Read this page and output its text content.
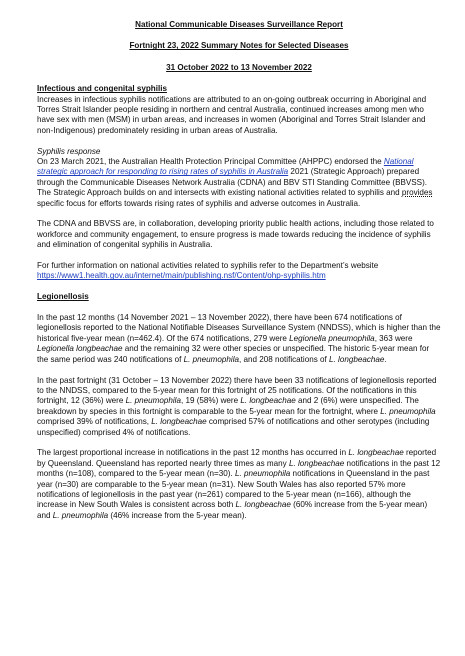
National Communicable Diseases Surveillance Report
Fortnight 23, 2022 Summary Notes for Selected Diseases
31 October 2022 to 13 November 2022
Infectious and congenital syphilis

Increases in infectious syphilis notifications are attributed to an on-going outbreak occurring in Aboriginal and Torres Strait Islander people residing in northern and central Australia, continued increases among men who have sex with men (MSM) in urban areas, and increases in women (Aboriginal and Torres Strait Islander and non-Indigenous) predominately residing in urban areas of Australia.

Syphilis response

On 23 March 2021, the Australian Health Protection Principal Committee (AHPPC) endorsed the National strategic approach for responding to rising rates of syphilis in Australia 2021 (Strategic Approach) prepared through the Communicable Diseases Network Australia (CDNA) and BBV STI Standing Committee (BBVSS). The Strategic Approach builds on and intersects with existing national activities related to syphilis and provides specific focus for efforts towards rising rates of syphilis and adverse outcomes in Australia.

The CDNA and BBVSS are, in collaboration, developing priority public health actions, including those related to workforce and community engagement, to ensure progress is made towards reducing the incidence of syphilis and elimination of congenital syphilis in Australia.

For further information on national activities related to syphilis refer to the Department’s website https://www1.health.gov.au/internet/main/publishing.nsf/Content/ohp-syphilis.htm

Legionellosis

In the past 12 months (14 November 2021 – 13 November 2022), there have been 674 notifications of legionellosis reported to the National Notifiable Diseases Surveillance System (NNDSS), which is higher than the historical five-year mean (n=462.4). Of the 674 notifications, 279 were Legionella pneumophila, 363 were Legionella longbeachae and the remaining 32 were other species or unspecified. The historic 5-year mean for the same period was 240 notifications of L. pneumophila, and 208 notifications of L. longbeachae.

In the past fortnight (31 October – 13 November 2022) there have been 33 notifications of legionellosis reported to the NNDSS, compared to the 5-year mean for this fortnight of 25 notifications. Of the notifications in this fortnight, 12 (36%) were L. pneumophila, 19 (58%) were L. longbeachae and 2 (6%) were unspecified. The breakdown by species in this fortnight is comparable to the 5-year mean for the fortnight, where L. pneumophila comprised 39% of notifications, L. longbeachae comprised 57% of notifications and other serotypes (including unspecified) comprised 4% of notifications.

The largest proportional increase in notifications in the past 12 months has occurred in L. longbeachae reported by Queensland. Queensland has reported nearly three times as many L. longbeachae notifications in the past 12 months (n=108), compared to the 5-year mean (n=30). L. pneumophila notifications in Queensland in the past year (n=30) are comparable to the 5-year mean (n=31). New South Wales has also reported 57% more notifications of legionellosis in the past year (n=261) compared to the 5-year mean (n=166), although the increase in New South Wales is consistent across both L. longbeachae (60% increase from the 5-year mean) and L. pneumophila (46% increase from the 5-year mean).
